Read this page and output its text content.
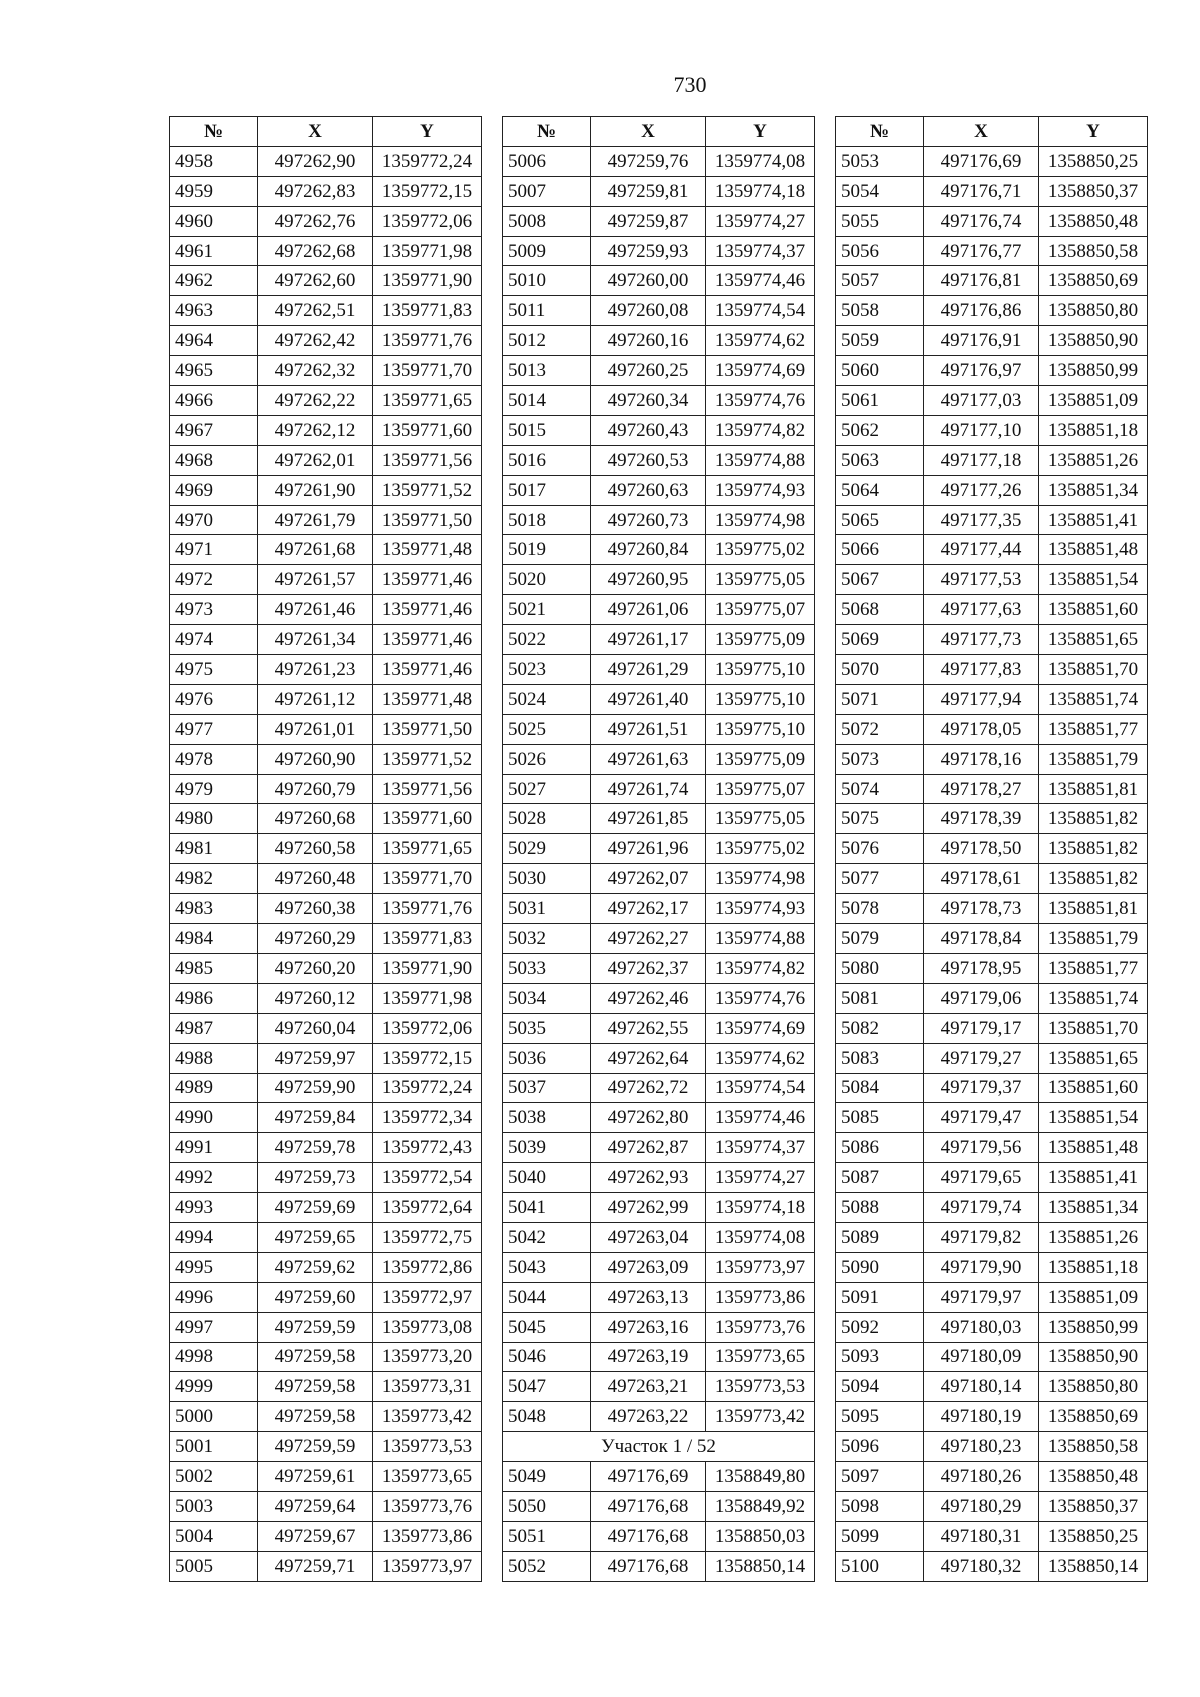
730
№	X	Y
4958	497262,90	1359772,24
4959	497262,83	1359772,15
4960	497262,76	1359772,06
4961	497262,68	1359771,98
4962	497262,60	1359771,90
4963	497262,51	1359771,83
4964	497262,42	1359771,76
4965	497262,32	1359771,70
4966	497262,22	1359771,65
4967	497262,12	1359771,60
4968	497262,01	1359771,56
4969	497261,90	1359771,52
4970	497261,79	1359771,50
4971	497261,68	1359771,48
4972	497261,57	1359771,46
4973	497261,46	1359771,46
4974	497261,34	1359771,46
4975	497261,23	1359771,46
4976	497261,12	1359771,48
4977	497261,01	1359771,50
4978	497260,90	1359771,52
4979	497260,79	1359771,56
4980	497260,68	1359771,60
4981	497260,58	1359771,65
4982	497260,48	1359771,70
4983	497260,38	1359771,76
4984	497260,29	1359771,83
4985	497260,20	1359771,90
4986	497260,12	1359771,98
4987	497260,04	1359772,06
4988	497259,97	1359772,15
4989	497259,90	1359772,24
4990	497259,84	1359772,34
4991	497259,78	1359772,43
4992	497259,73	1359772,54
4993	497259,69	1359772,64
4994	497259,65	1359772,75
4995	497259,62	1359772,86
4996	497259,60	1359772,97
4997	497259,59	1359773,08
4998	497259,58	1359773,20
4999	497259,58	1359773,31
5000	497259,58	1359773,42
5001	497259,59	1359773,53
5002	497259,61	1359773,65
5003	497259,64	1359773,76
5004	497259,67	1359773,86
5005	497259,71	1359773,97
№	X	Y
5006	497259,76	1359774,08
5007	497259,81	1359774,18
5008	497259,87	1359774,27
5009	497259,93	1359774,37
5010	497260,00	1359774,46
5011	497260,08	1359774,54
5012	497260,16	1359774,62
5013	497260,25	1359774,69
5014	497260,34	1359774,76
5015	497260,43	1359774,82
5016	497260,53	1359774,88
5017	497260,63	1359774,93
5018	497260,73	1359774,98
5019	497260,84	1359775,02
5020	497260,95	1359775,05
5021	497261,06	1359775,07
5022	497261,17	1359775,09
5023	497261,29	1359775,10
5024	497261,40	1359775,10
5025	497261,51	1359775,10
5026	497261,63	1359775,09
5027	497261,74	1359775,07
5028	497261,85	1359775,05
5029	497261,96	1359775,02
5030	497262,07	1359774,98
5031	497262,17	1359774,93
5032	497262,27	1359774,88
5033	497262,37	1359774,82
5034	497262,46	1359774,76
5035	497262,55	1359774,69
5036	497262,64	1359774,62
5037	497262,72	1359774,54
5038	497262,80	1359774,46
5039	497262,87	1359774,37
5040	497262,93	1359774,27
5041	497262,99	1359774,18
5042	497263,04	1359774,08
5043	497263,09	1359773,97
5044	497263,13	1359773,86
5045	497263,16	1359773,76
5046	497263,19	1359773,65
5047	497263,21	1359773,53
5048	497263,22	1359773,42
Участок 1 / 52		
5049	497176,69	1358849,80
5050	497176,68	1358849,92
5051	497176,68	1358850,03
5052	497176,68	1358850,14
№	X	Y
5053	497176,69	1358850,25
5054	497176,71	1358850,37
5055	497176,74	1358850,48
5056	497176,77	1358850,58
5057	497176,81	1358850,69
5058	497176,86	1358850,80
5059	497176,91	1358850,90
5060	497176,97	1358850,99
5061	497177,03	1358851,09
5062	497177,10	1358851,18
5063	497177,18	1358851,26
5064	497177,26	1358851,34
5065	497177,35	1358851,41
5066	497177,44	1358851,48
5067	497177,53	1358851,54
5068	497177,63	1358851,60
5069	497177,73	1358851,65
5070	497177,83	1358851,70
5071	497177,94	1358851,74
5072	497178,05	1358851,77
5073	497178,16	1358851,79
5074	497178,27	1358851,81
5075	497178,39	1358851,82
5076	497178,50	1358851,82
5077	497178,61	1358851,82
5078	497178,73	1358851,81
5079	497178,84	1358851,79
5080	497178,95	1358851,77
5081	497179,06	1358851,74
5082	497179,17	1358851,70
5083	497179,27	1358851,65
5084	497179,37	1358851,60
5085	497179,47	1358851,54
5086	497179,56	1358851,48
5087	497179,65	1358851,41
5088	497179,74	1358851,34
5089	497179,82	1358851,26
5090	497179,90	1358851,18
5091	497179,97	1358851,09
5092	497180,03	1358850,99
5093	497180,09	1358850,90
5094	497180,14	1358850,80
5095	497180,19	1358850,69
5096	497180,23	1358850,58
5097	497180,26	1358850,48
5098	497180,29	1358850,37
5099	497180,31	1358850,25
5100	497180,32	1358850,14
